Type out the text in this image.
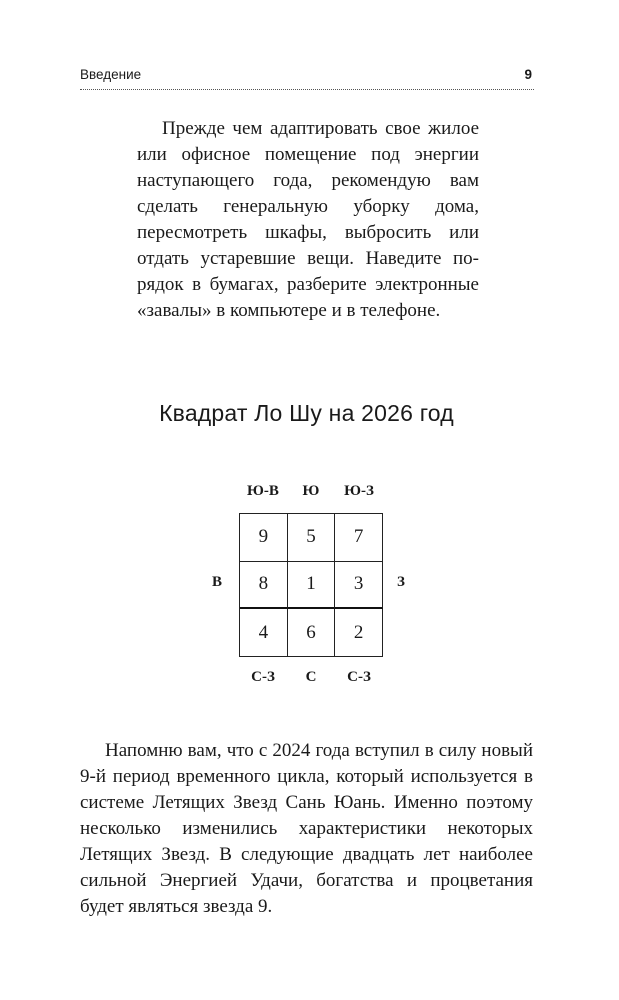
Введение	9

Прежде чем адаптировать свое жилое или офисное помещение под энергии наступающего года, рекомендую вам сделать генеральную уборку дома, пересмотреть шкафы, выбросить или отдать устаревшие вещи. Наведите порядок в бумагах, разберите электронные «завалы» в компьютере и в телефоне.

Квадрат Ло Шу на 2026 год
Ю-В	Ю	Ю-З
В	З
С-З	С	С-З
9	5	7
8	1	3
4	6	2

Напомню вам, что с 2024 года вступил в силу новый 9-й период временного цикла, который используется в системе Летящих Звезд Сань Юань. Именно поэтому несколько изменились характеристики некоторых Летящих Звезд. В следующие двадцать лет наиболее сильной Энергией Удачи, богатства и процветания будет являться звезда 9.
